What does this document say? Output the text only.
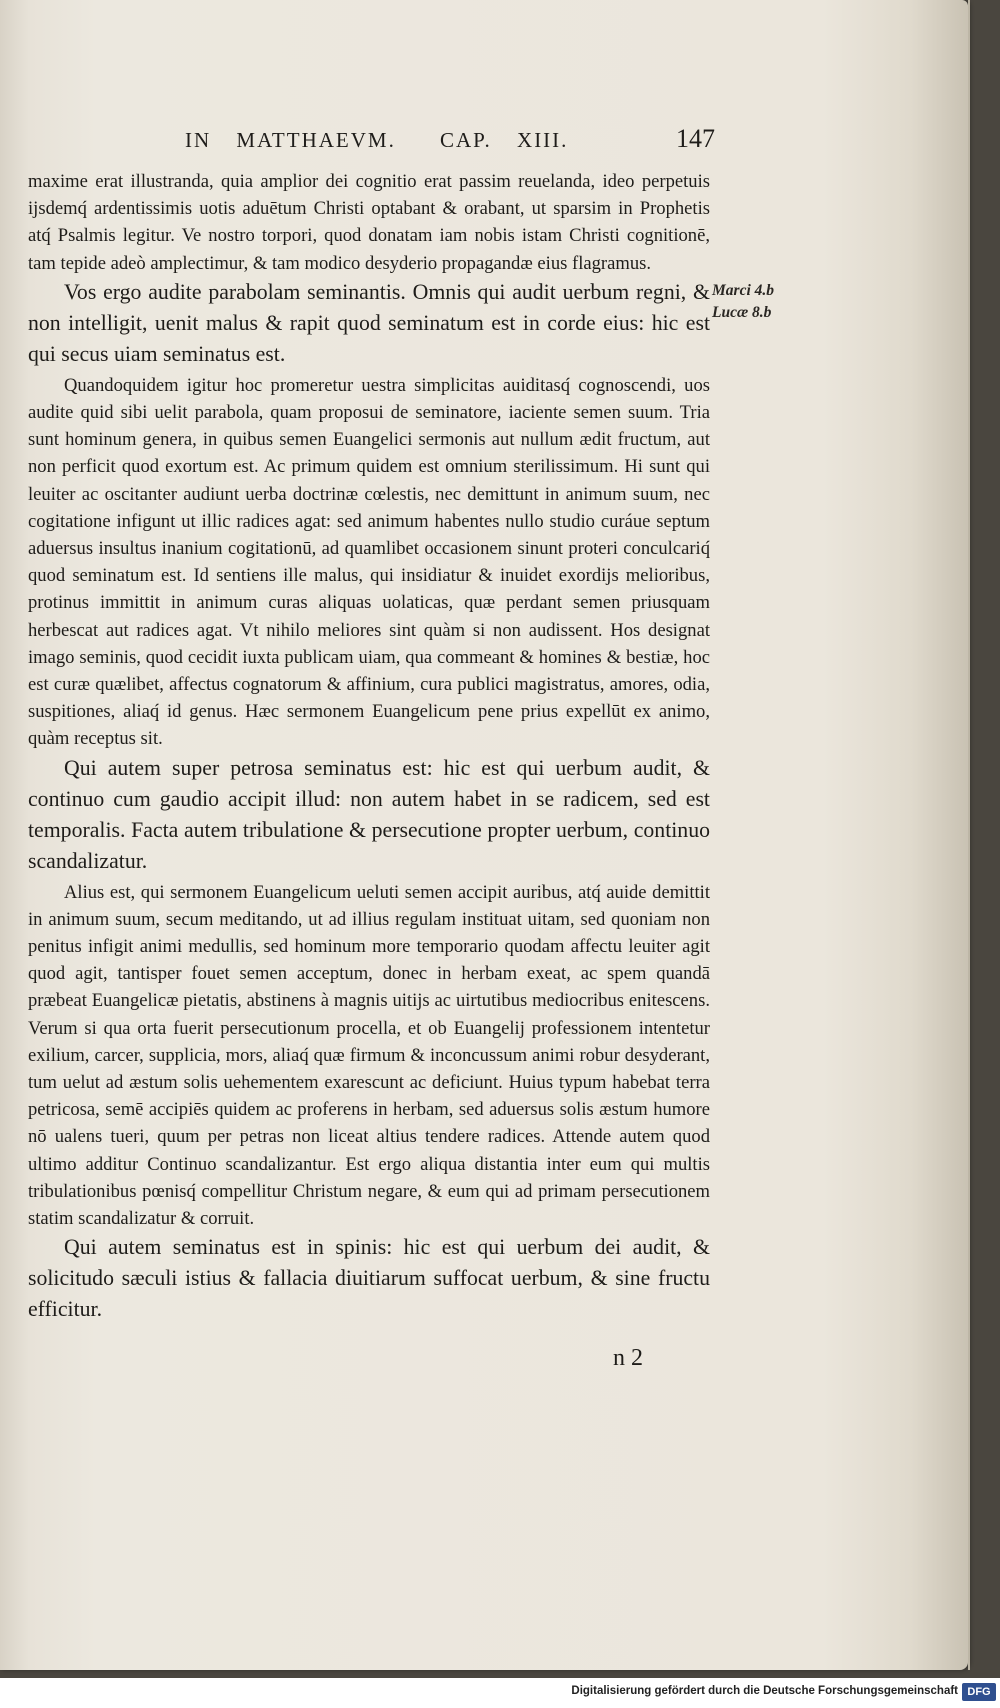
IN MATTHAEVM. CAP. XIII.	147

maxime erat illustranda, quia amplior dei cognitio erat passim reuelanda, ideo perpetuis ijsdemq́ ardentissimis uotis aduētum Christi optabant & orabant, ut sparsim in Prophetis atq́ Psalmis legitur. Ve nostro torpori, quod donatam iam nobis istam Christi cognitionē, tam tepide adeò amplectimur, & tam modico desyderio propagandæ eius flagramus.

Vos ergo audite parabolam seminantis. Omnis qui audit uerbum regni, & non intelligit, uenit malus & rapit quod seminatum est in corde eius: hic est qui secus uiam seminatus est.

Quandoquidem igitur hoc promeretur uestra simplicitas auiditasq́ cognoscendi, uos audite quid sibi uelit parabola, quam proposui de seminatore, iaciente semen suum. Tria sunt hominum genera, in quibus semen Euangelici sermonis aut nullum ædit fructum, aut non perficit quod exortum est. Ac primum quidem est omnium sterilissimum. Hi sunt qui leuiter ac oscitanter audiunt uerba doctrinæ cœlestis, nec demittunt in animum suum, nec cogitatione infigunt ut illic radices agat: sed animum habentes nullo studio curáue septum aduersus insultus inanium cogitationū, ad quamlibet occasionem sinunt proteri conculcariq́ quod seminatum est. Id sentiens ille malus, qui insidiatur & inuidet exordijs melioribus, protinus immittit in animum curas aliquas uolaticas, quæ perdant semen priusquam herbescat aut radices agat. Vt nihilo meliores sint quàm si non audissent. Hos designat imago seminis, quod cecidit iuxta publicam uiam, qua commeant & homines & bestiæ, hoc est curæ quælibet, affectus cognatorum & affinium, cura publici magistratus, amores, odia, suspitiones, aliaq́ id genus. Hæc sermonem Euangelicum pene prius expellūt ex animo, quàm receptus sit.

Qui autem super petrosa seminatus est: hic est qui uerbum audit, & continuo cum gaudio accipit illud: non autem habet in se radicem, sed est temporalis. Facta autem tribulatione & persecutione propter uerbum, continuo scandalizatur.

Alius est, qui sermonem Euangelicum ueluti semen accipit auribus, atq́ auide demittit in animum suum, secum meditando, ut ad illius regulam instituat uitam, sed quoniam non penitus infigit animi medullis, sed hominum more temporario quodam affectu leuiter agit quod agit, tantisper fouet semen acceptum, donec in herbam exeat, ac spem quandā præbeat Euangelicæ pietatis, abstinens à magnis uitijs ac uirtutibus mediocribus enitescens. Verum si qua orta fuerit persecutionum procella, et ob Euangelij professionem intentetur exilium, carcer, supplicia, mors, aliaq́ quæ firmum & inconcussum animi robur desyderant, tum uelut ad æstum solis uehementem exarescunt ac deficiunt. Huius typum habebat terra petricosa, semē accipiēs quidem ac proferens in herbam, sed aduersus solis æstum humore nō ualens tueri, quum per petras non liceat altius tendere radices. Attende autem quod ultimo additur Continuo scandalizantur. Est ergo aliqua distantia inter eum qui multis tribulationibus pœnisq́ compellitur Christum negare, & eum qui ad primam persecutionem statim scandalizatur & corruit.

Qui autem seminatus est in spinis: hic est qui uerbum dei audit, & solicitudo sæculi istius & fallacia diuitiarum suffocat uerbum, & sine fructu efficitur.

Marci 4.b
Lucæ 8.b
n 2
Digitalisierung gefördert durch die Deutsche Forschungsgemeinschaft DFG
